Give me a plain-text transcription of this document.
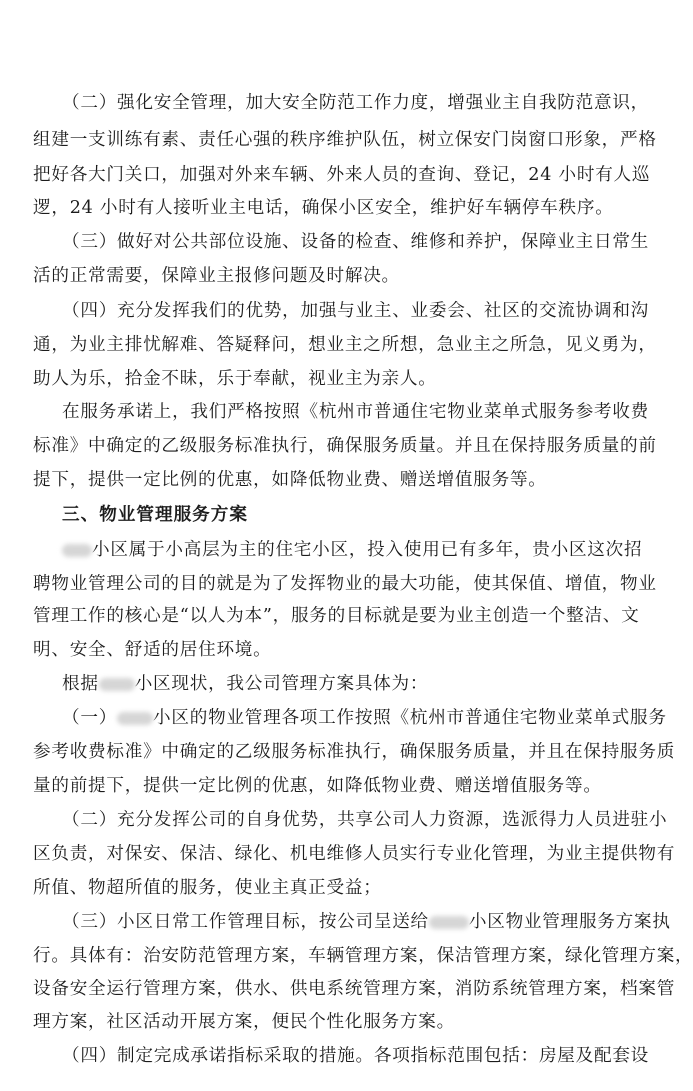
（二）强化安全管理，加大安全防范工作力度，增强业主自我防范意识，
组建一支训练有素、责任心强的秩序维护队伍，树立保安门岗窗口形象，严格
把好各大门关口，加强对外来车辆、外来人员的查询、登记，24 小时有人巡
逻，24 小时有人接听业主电话，确保小区安全，维护好车辆停车秩序。
（三）做好对公共部位设施、设备的检查、维修和养护，保障业主日常生
活的正常需要，保障业主报修问题及时解决。
（四）充分发挥我们的优势，加强与业主、业委会、社区的交流协调和沟
通，为业主排忧解难、答疑释问，想业主之所想，急业主之所急，见义勇为，
助人为乐，拾金不昧，乐于奉献，视业主为亲人。
在服务承诺上，我们严格按照《杭州市普通住宅物业菜单式服务参考收费
标准》中确定的乙级服务标准执行，确保服务质量。并且在保持服务质量的前
提下，提供一定比例的优惠，如降低物业费、赠送增值服务等。
三、物业管理服务方案
小区属于小高层为主的住宅小区，投入使用已有多年，贵小区这次招
聘物业管理公司的目的就是为了发挥物业的最大功能，使其保值、增值，物业
管理工作的核心是“以人为本”，服务的目标就是要为业主创造一个整洁、文
明、安全、舒适的居住环境。
根据 小区现状，我公司管理方案具体为：
（一） 小区的物业管理各项工作按照《杭州市普通住宅物业菜单式服务
参考收费标准》中确定的乙级服务标准执行，确保服务质量，并且在保持服务质
量的前提下，提供一定比例的优惠，如降低物业费、赠送增值服务等。
（二）充分发挥公司的自身优势，共享公司人力资源，选派得力人员进驻小
区负责，对保安、保洁、绿化、机电维修人员实行专业化管理，为业主提供物有
所值、物超所值的服务，使业主真正受益；
（三）小区日常工作管理目标，按公司呈送给 小区物业管理服务方案执
行。具体有：治安防范管理方案，车辆管理方案，保洁管理方案，绿化管理方案，
设备安全运行管理方案，供水、供电系统管理方案，消防系统管理方案，档案管
理方案，社区活动开展方案，便民个性化服务方案。
（四）制定完成承诺指标采取的措施。各项指标范围包括：房屋及配套设
